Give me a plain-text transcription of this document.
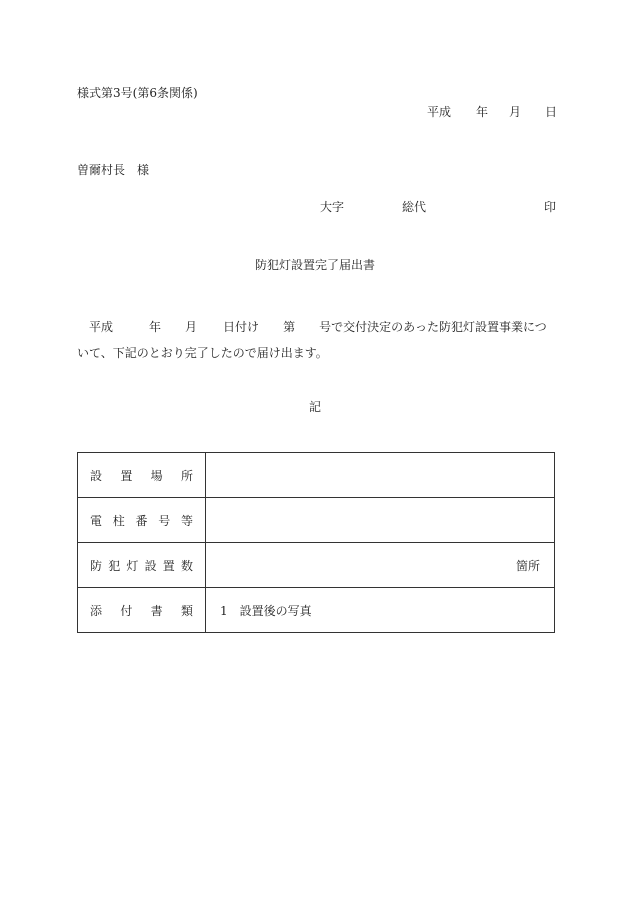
様式第3号(第6条関係)
平成 年 月 日
曽爾村長　様
大字	総代	印
防犯灯設置完了届出書
平成	年 月 日付け 第 号で交付決定のあった防犯灯設置事業について、下記のとおり完了したので届け出ます。
記
設置場所	

電柱番号等	

防犯灯設置数	箇所

添付書類	1　設置後の写真
